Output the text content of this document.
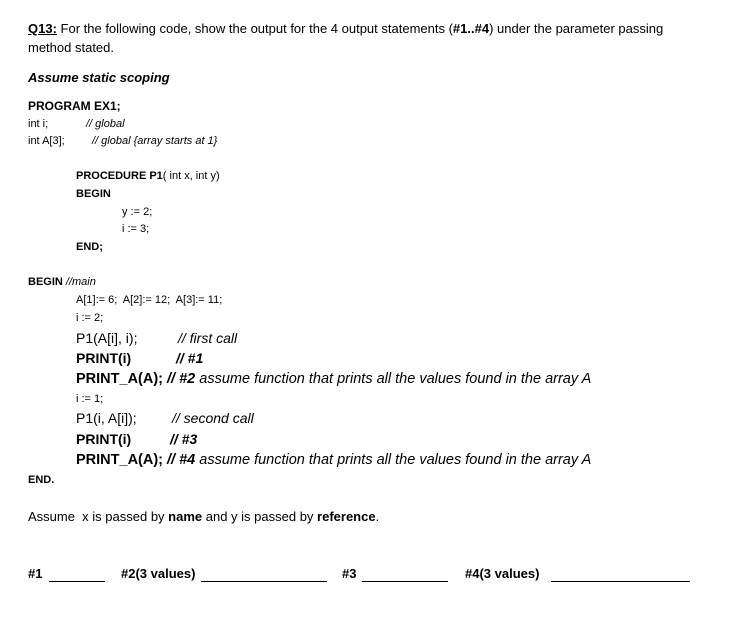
Q13: For the following code, show the output for the 4 output statements (#1..#4) under the parameter passing
method stated.
Assume static scoping
PROGRAM EX1;
int i;	// global
int A[3]; // global {array starts at 1}
PROCEDURE P1( int x, int y)
BEGIN
y := 2;
i := 3;
END;
BEGIN //main
A[1]:= 6;  A[2]:= 12;  A[3]:= 11;
i := 2;
P1(A[i], i);	// first call
PRINT(i)	// #1
PRINT_A(A); // #2 assume function that prints all the values found in the array A
i := 1;
P1(i, A[i]);	// second call
PRINT(i)	// #3
PRINT_A(A); // #4 assume function that prints all the values found in the array A
END.
Assume  x is passed by name and y is passed by reference.
#1	#2(3 values)	#3	#4(3 values)
